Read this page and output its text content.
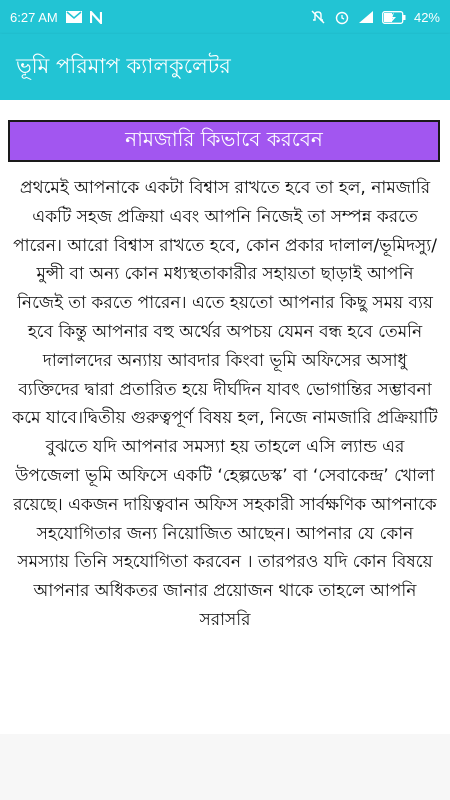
6:27 AM	42%
ভূমি পরিমাপ ক্যালকুলেটর
নামজারি কিভাবে করবেন
প্রথমেই আপনাকে একটা বিশ্বাস রাখতে হবে তা হল, নামজারি একটি সহজ প্রক্রিয়া এবং আপনি নিজেই তা সম্পন্ন করতে পারেন। আরো বিশ্বাস রাখতে হবে, কোন প্রকার দালাল/ভূমিদস্যু/মুন্সী বা অন্য কোন মধ্যস্থতাকারীর সহায়তা ছাড়াই আপনি নিজেই তা করতে পারেন। এতে হয়তো আপনার কিছু সময় ব্যয় হবে কিন্তু আপনার বহু অর্থের অপচয় যেমন বন্ধ হবে তেমনি দালালদের অন্যায় আবদার কিংবা ভূমি অফিসের অসাধু ব্যক্তিদের দ্বারা প্রতারিত হয়ে দীর্ঘদিন যাবৎ ভোগান্তির সম্ভাবনা কমে যাবে।দ্বিতীয় গুরুত্বপূর্ণ বিষয় হল, নিজে নামজারি প্রক্রিয়াটি বুঝতে যদি আপনার সমস্যা হয় তাহলে এসি ল্যান্ড এর উপজেলা ভূমি অফিসে একটি ‘হেল্পডেস্ক’ বা ‘সেবাকেন্দ্র’ খোলা রয়েছে। একজন দায়িত্ববান অফিস সহকারী সার্বক্ষণিক আপনাকে সহযোগিতার জন্য নিয়োজিত আছেন। আপনার যে কোন সমস্যায় তিনি সহযোগিতা করবেন । তারপরও যদি কোন বিষয়ে আপনার অধিকতর জানার প্রয়োজন থাকে তাহলে আপনি সরাসরি
